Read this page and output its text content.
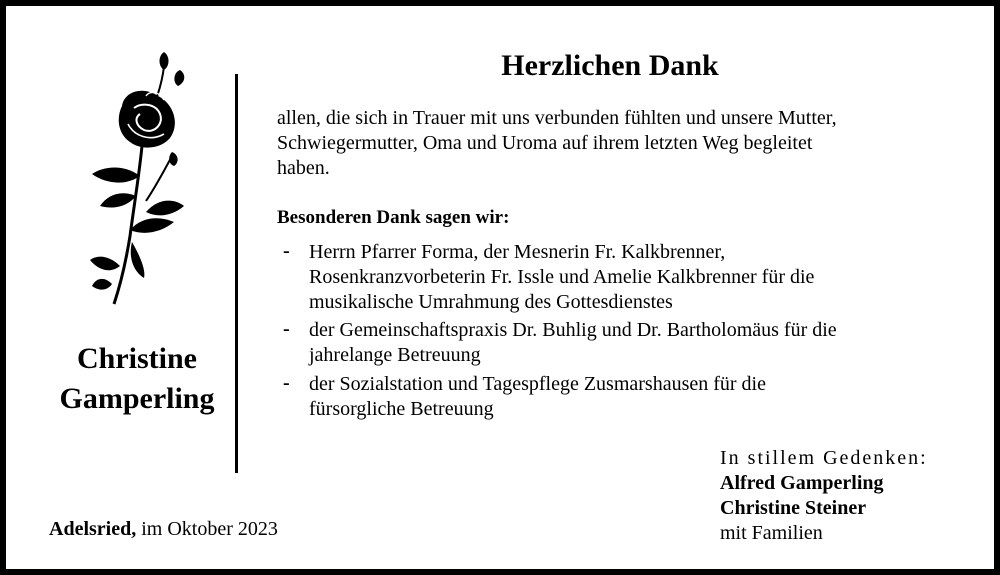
Christine
Gamperling
Herzlichen Dank
allen, die sich in Trauer mit uns verbunden fühlten und unsere Mutter,
Schwiegermutter, Oma und Uroma auf ihrem letzten Weg begleitet
haben.
Besonderen Dank sagen wir:
- Herrn Pfarrer Forma, der Mesnerin Fr. Kalkbrenner,
Rosenkranzvorbeterin Fr. Issle und Amelie Kalkbrenner für die
musikalische Umrahmung des Gottesdienstes
- der Gemeinschaftspraxis Dr. Buhlig und Dr. Bartholomäus für die
jahrelange Betreuung
- der Sozialstation und Tagespflege Zusmarshausen für die
fürsorgliche Betreuung
In stillem Gedenken:
Alfred Gamperling
Christine Steiner
mit Familien
Adelsried, im Oktober 2023
